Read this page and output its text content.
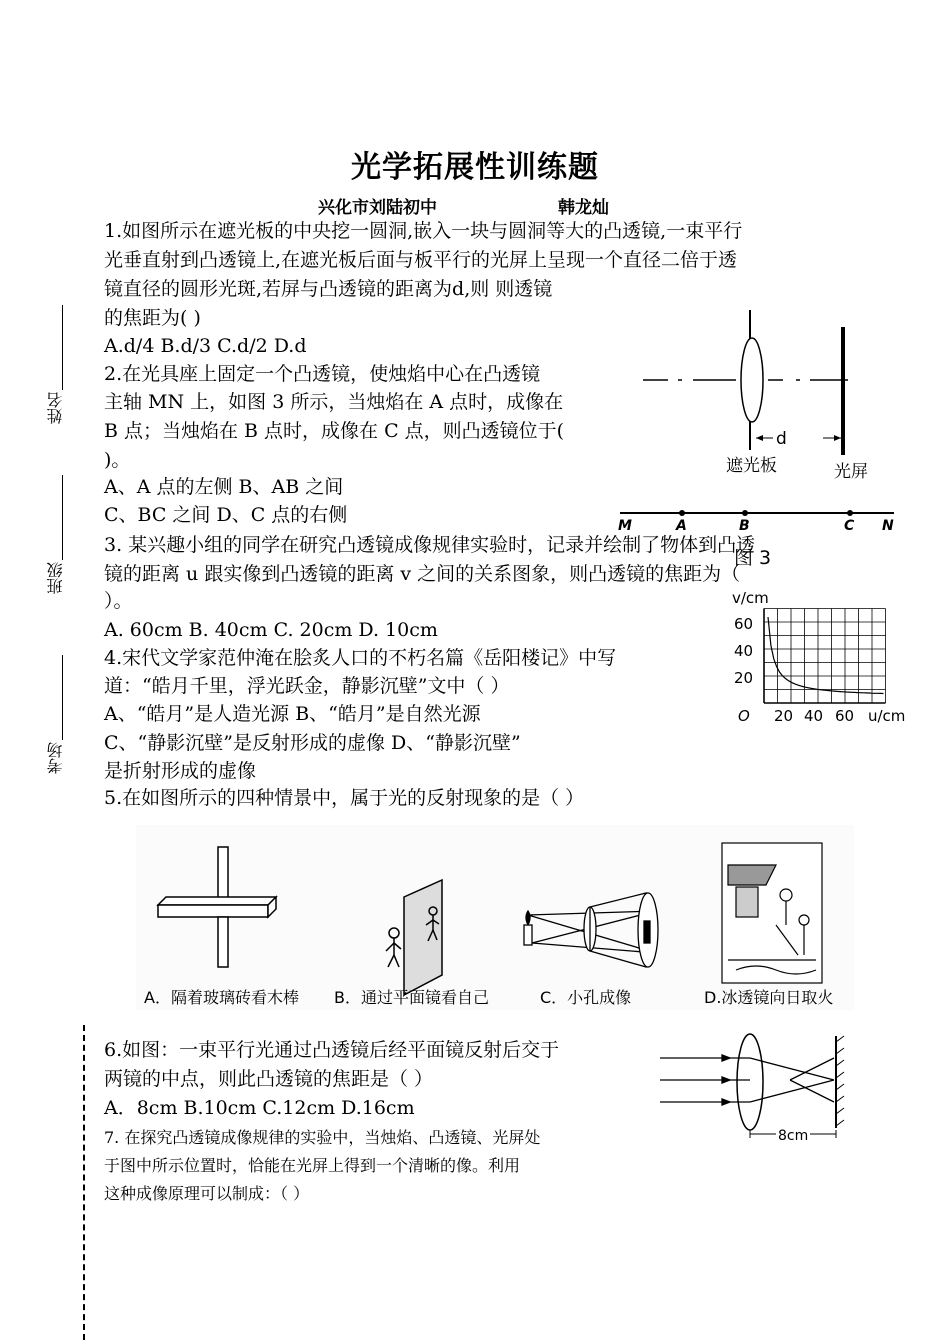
光学拓展性训练题
兴化市刘陆初中	韩龙灿
姓名
班级
考场
1.如图所示在遮光板的中央挖一圆洞,嵌入一块与圆洞等大的凸透镜,一束平行
光垂直射到凸透镜上,在遮光板后面与板平行的光屏上呈现一个直径二倍于透
镜直径的圆形光斑,若屏与凸透镜的距离为d,则 则透镜
的焦距为( )
A.d/4 B.d/3 C.d/2 D.d
2.在光具座上固定一个凸透镜，使烛焰中心在凸透镜
主轴 MN 上，如图 3 所示，当烛焰在 A 点时，成像在
B 点；当烛焰在 B 点时，成像在 C 点，则凸透镜位于(
)。
A、A 点的左侧 B、AB 之间
C、BC 之间 D、C 点的右侧
d
遮光板	光屏
M	A	B	C N
图 3
3. 某兴趣小组的同学在研究凸透镜成像规律实验时，记录并绘制了物体到凸透
镜的距离 u 跟实像到凸透镜的距离 v 之间的关系图象，则凸透镜的焦距为（
）。
A. 60cm B. 40cm C. 20cm D. 10cm
v/cm
u/cm
O
60
40
20
20 40 60
4.宋代文学家范仲淹在脍炙人口的不朽名篇《岳阳楼记》中写
道：“皓月千里，浮光跃金，静影沉壁”文中（ ）
A、“皓月”是人造光源 B、“皓月”是自然光源
C、“静影沉壁”是反射形成的虚像 D、“静影沉壁”
是折射形成的虚像
5.在如图所示的四种情景中，属于光的反射现象的是（ ）
A．隔着玻璃砖看木棒 B．通过平面镜看自己	C．小孔成像	D.冰透镜向日取火
6.如图：一束平行光通过凸透镜后经平面镜反射后交于
两镜的中点，则此凸透镜的焦距是（ ）
A．8cm B.10cm C.12cm D.16cm
8cm
7. 在探究凸透镜成像规律的实验中，当烛焰、凸透镜、光屏处
于图中所示位置时，恰能在光屏上得到一个清晰的像。利用
这种成像原理可以制成：（ ）
